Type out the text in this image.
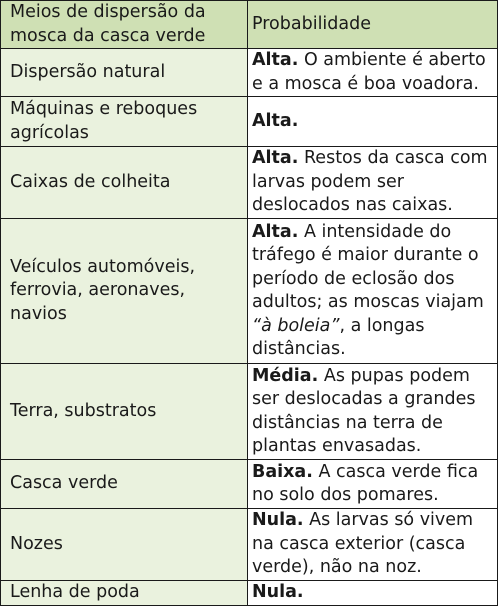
Meios de dispersão da mosca da casca verde	Probabilidade
Dispersão natural	Alta. O ambiente é aberto e a mosca é boa voadora.
Máquinas e reboques agrícolas	Alta.
Caixas de colheita	Alta. Restos da casca com larvas podem ser deslocados nas caixas.
Veículos automóveis, ferrovia, aeronaves, navios	Alta. A intensidade do tráfego é maior durante o período de eclosão dos adultos; as moscas viajam “à boleia”, a longas distâncias.
Terra, substratos	Média. As pupas podem ser deslocadas a grandes distâncias na terra de plantas envasadas.
Casca verde	Baixa. A casca verde fica no solo dos pomares.
Nozes	Nula. As larvas só vivem na casca exterior (casca verde), não na noz.
Lenha de poda	Nula.
